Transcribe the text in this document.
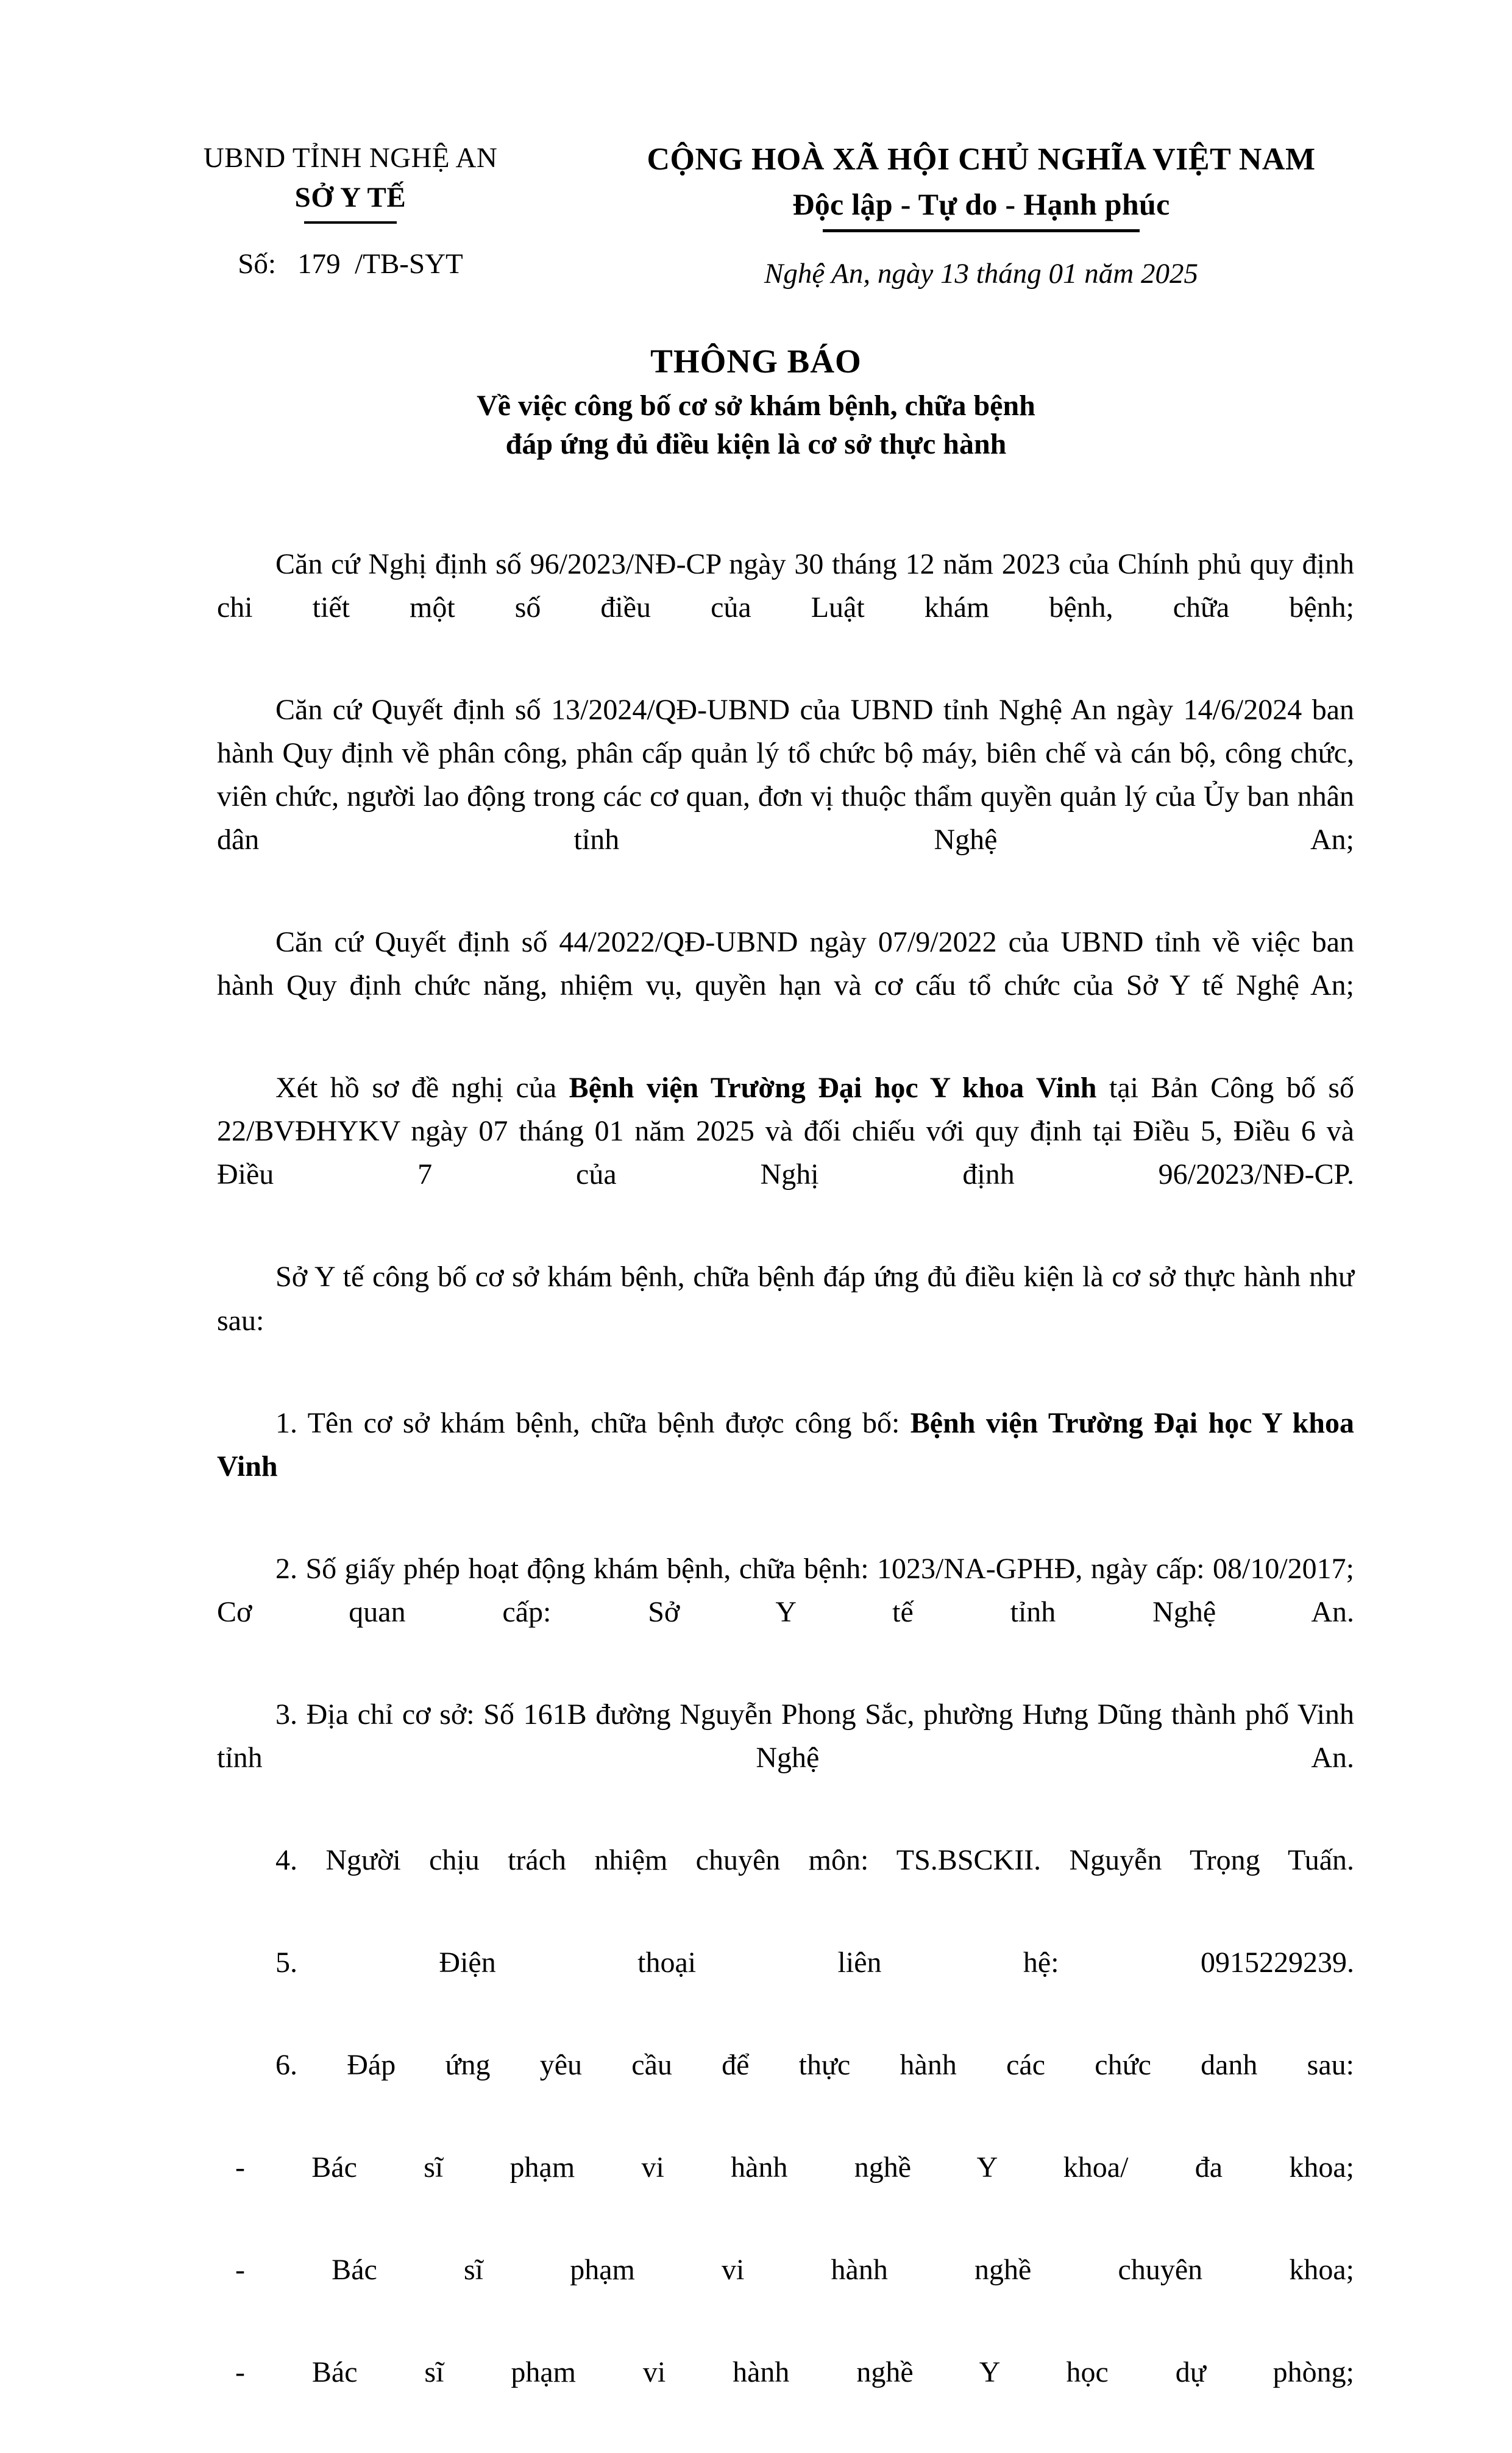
UBND TỈNH NGHỆ AN
SỞ Y TẾ
Số:   179  /TB-SYT
CỘNG HOÀ XÃ HỘI CHỦ NGHĨA VIỆT NAM
Độc lập - Tự do - Hạnh phúc
Nghệ An, ngày 13 tháng 01 năm 2025
THÔNG BÁO
Về việc công bố cơ sở khám bệnh, chữa bệnh
đáp ứng đủ điều kiện là cơ sở thực hành

Căn cứ Nghị định số 96/2023/NĐ-CP ngày 30 tháng 12 năm 2023 của Chính phủ quy định chi tiết một số điều của Luật khám bệnh, chữa bệnh;

Căn cứ Quyết định số 13/2024/QĐ-UBND của UBND tỉnh Nghệ An ngày 14/6/2024 ban hành Quy định về phân công, phân cấp quản lý tổ chức bộ máy, biên chế và cán bộ, công chức, viên chức, người lao động trong các cơ quan, đơn vị thuộc thẩm quyền quản lý của Ủy ban nhân dân tỉnh Nghệ An;

Căn cứ Quyết định số 44/2022/QĐ-UBND ngày 07/9/2022 của UBND tỉnh về việc ban hành Quy định chức năng, nhiệm vụ, quyền hạn và cơ cấu tổ chức của Sở Y tế Nghệ An;

Xét hồ sơ đề nghị của Bệnh viện Trường Đại học Y khoa Vinh tại Bản Công bố số 22/BVĐHYKV ngày 07 tháng 01 năm 2025 và đối chiếu với quy định tại Điều 5, Điều 6 và Điều 7 của Nghị định 96/2023/NĐ-CP.

Sở Y tế công bố cơ sở khám bệnh, chữa bệnh đáp ứng đủ điều kiện là cơ sở thực hành như sau:

1. Tên cơ sở khám bệnh, chữa bệnh được công bố: Bệnh viện Trường Đại học Y khoa Vinh

2. Số giấy phép hoạt động khám bệnh, chữa bệnh: 1023/NA-GPHĐ, ngày cấp: 08/10/2017; Cơ quan cấp: Sở Y tế tỉnh Nghệ An.

3. Địa chỉ cơ sở: Số 161B đường Nguyễn Phong Sắc, phường Hưng Dũng thành phố Vinh tỉnh Nghệ An.

4. Người chịu trách nhiệm chuyên môn: TS.BSCKII. Nguyễn Trọng Tuấn.

5. Điện thoại liên hệ: 0915229239.

6. Đáp ứng yêu cầu để thực hành các chức danh sau:

- Bác sĩ phạm vi hành nghề Y khoa/ đa khoa;

- Bác sĩ phạm vi hành nghề chuyên khoa;

- Bác sĩ phạm vi hành nghề Y học dự phòng;
